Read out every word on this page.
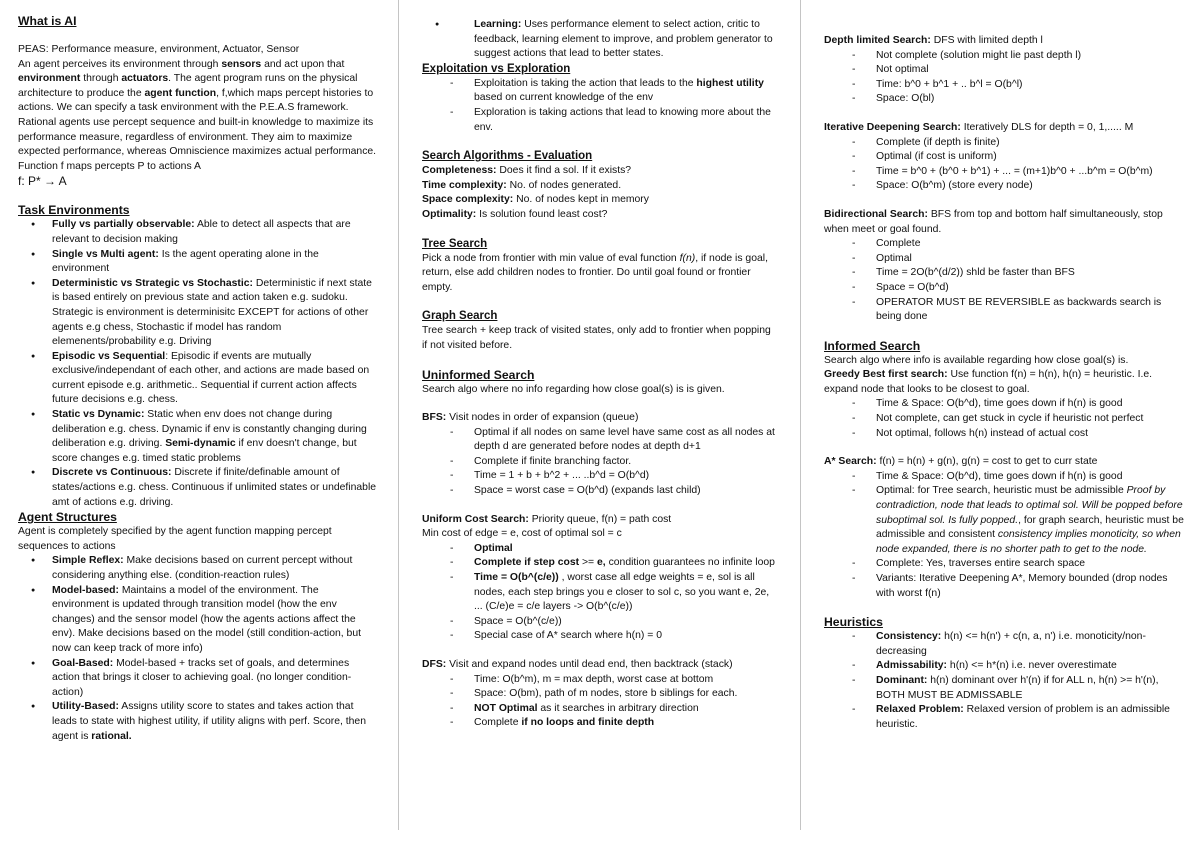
What is AI

PEAS: Performance measure, environment, Actuator, Sensor

An agent perceives its environment through sensors and act upon that environment through actuators. The agent program runs on the physical architecture to produce the agent function, f,which maps percept histories to actions. We can specify a task environment with the P.E.A.S framework. Rational agents use percept sequence and built-in knowledge to maximize its performance measure, regardless of environment. They aim to maximize expected performance, whereas Omniscience maximizes actual performance.

Function f maps percepts P to actions A

f: P* → A

Task Environments

● Fully vs partially observable: Able to detect all aspects that are relevant to decision making
● Single vs Multi agent: Is the agent operating alone in the environment
● Deterministic vs Strategic vs Stochastic: Deterministic if next state is based entirely on previous state and action taken e.g. sudoku. Strategic is environment is determinisitc EXCEPT for actions of other agents e.g chess, Stochastic if model has random elemenents/probability e.g. Driving
● Episodic vs Sequential: Episodic if events are mutually exclusive/independant of each other, and actions are made based on current episode e.g. arithmetic.. Sequential if current action affects future decisions e.g. chess.
● Static vs Dynamic: Static when env does not change during deliberation e.g. chess. Dynamic if env is constantly changing during deliberation e.g. driving. Semi-dynamic if env doesn't change, but score changes e.g. timed static problems
● Discrete vs Continuous: Discrete if finite/definable amount of states/actions e.g. chess. Continuous if unlimited states or undefinable amt of actions e.g. driving.

Agent Structures

Agent is completely specified by the agent function mapping percept sequences to actions

● Simple Reflex: Make decisions based on current percept without considering anything else. (condition-reaction rules)
● Model-based: Maintains a model of the environment. The environment is updated through transition model (how the env changes) and the sensor model (how the agents actions affect the env). Make decisions based on the model (still condition-action, but now can keep track of more info)
● Goal-Based: Model-based + tracks set of goals, and determines action that brings it closer to achieving goal. (no longer condition-action)
● Utility-Based: Assigns utility score to states and takes action that leads to state with highest utility, if utility aligns with perf. Score, then agent is rational.
● Learning: Uses performance element to select action, critic to feedback, learning element to improve, and problem generator to suggest actions that lead to better states.

Exploitation vs Exploration

- Exploitation is taking the action that leads to the highest utility based on current knowledge of the env
- Exploration is taking actions that lead to knowing more about the env.

Search Algorithms - Evaluation

Completeness: Does it find a sol. If it exists?

Time complexity: No. of nodes generated.

Space complexity: No. of nodes kept in memory

Optimality: Is solution found least cost?

Tree Search

Pick a node from frontier with min value of eval function f(n), if node is goal, return, else add children nodes to frontier. Do until goal found or frontier empty.

Graph Search

Tree search + keep track of visited states, only add to frontier when popping if not visited before.

Uninformed Search

Search algo where no info regarding how close goal(s) is is given.

BFS: Visit nodes in order of expansion (queue)

- Optimal if all nodes on same level have same cost as all nodes at depth d are generated before nodes at depth d+1
- Complete if finite branching factor.
- Time = 1 + b + b^2 + ... ..b^d = O(b^d)
- Space = worst case = O(b^d) (expands last child)

Uniform Cost Search: Priority queue, f(n) = path cost

Min cost of edge = e, cost of optimal sol = c

- Optimal
- Complete if step cost >= e, condition guarantees no infinite loop
- Time = O(b^(c/e)) , worst case all edge weights = e, sol is all nodes, each step brings you e closer to sol c, so you want e, 2e, ... (C/e)e = c/e layers -> O(b^(c/e))
- Space = O(b^(c/e))
- Special case of A* search where h(n) = 0

DFS: Visit and expand nodes until dead end, then backtrack (stack)

- Time: O(b^m), m = max depth, worst case at bottom
- Space: O(bm), path of m nodes, store b siblings for each.
- NOT Optimal as it searches in arbitrary direction
- Complete if no loops and finite depth

Depth limited Search: DFS with limited depth l

- Not complete (solution might lie past depth l)
- Not optimal
- Time: b^0 + b^1 + .. b^l = O(b^l)
- Space: O(bl)

Iterative Deepening Search: Iteratively DLS for depth = 0, 1,..... M

- Complete (if depth is finite)
- Optimal (if cost is uniform)
- Time = b^0 + (b^0 + b^1) + ... = (m+1)b^0 + ...b^m = O(b^m)
- Space: O(b^m) (store every node)

Bidirectional Search: BFS from top and bottom half simultaneously, stop when meet or goal found.

- Complete
- Optimal
- Time = 2O(b^(d/2)) shld be faster than BFS
- Space = O(b^d)
- OPERATOR MUST BE REVERSIBLE as backwards search is being done

Informed Search

Search algo where info is available regarding how close goal(s) is.

Greedy Best first search: Use function f(n) = h(n), h(n) = heuristic. I.e. expand node that looks to be closest to goal.

- Time & Space: O(b^d), time goes down if h(n) is good
- Not complete, can get stuck in cycle if heuristic not perfect
- Not optimal, follows h(n) instead of actual cost

A* Search: f(n) = h(n) + g(n), g(n) = cost to get to curr state

- Time & Space: O(b^d), time goes down if h(n) is good
- Optimal: for Tree search, heuristic must be admissible Proof by contradiction, node that leads to optimal sol. Will be popped before suboptimal sol. Is fully popped., for graph search, heuristic must be admissible and consistent consistency implies monoticity, so when node expanded, there is no shorter path to get to the node.
- Complete: Yes, traverses entire search space
- Variants: Iterative Deepening A*, Memory bounded (drop nodes with worst f(n)

Heuristics

- Consistency: h(n) <= h(n') + c(n, a, n') i.e. monoticity/non-decreasing
- Admissability: h(n) <= h*(n) i.e. never overestimate
- Dominant: h(n) dominant over h'(n) if for ALL n, h(n) >= h'(n), BOTH MUST BE ADMISSABLE
- Relaxed Problem: Relaxed version of problem is an admissible heuristic.
